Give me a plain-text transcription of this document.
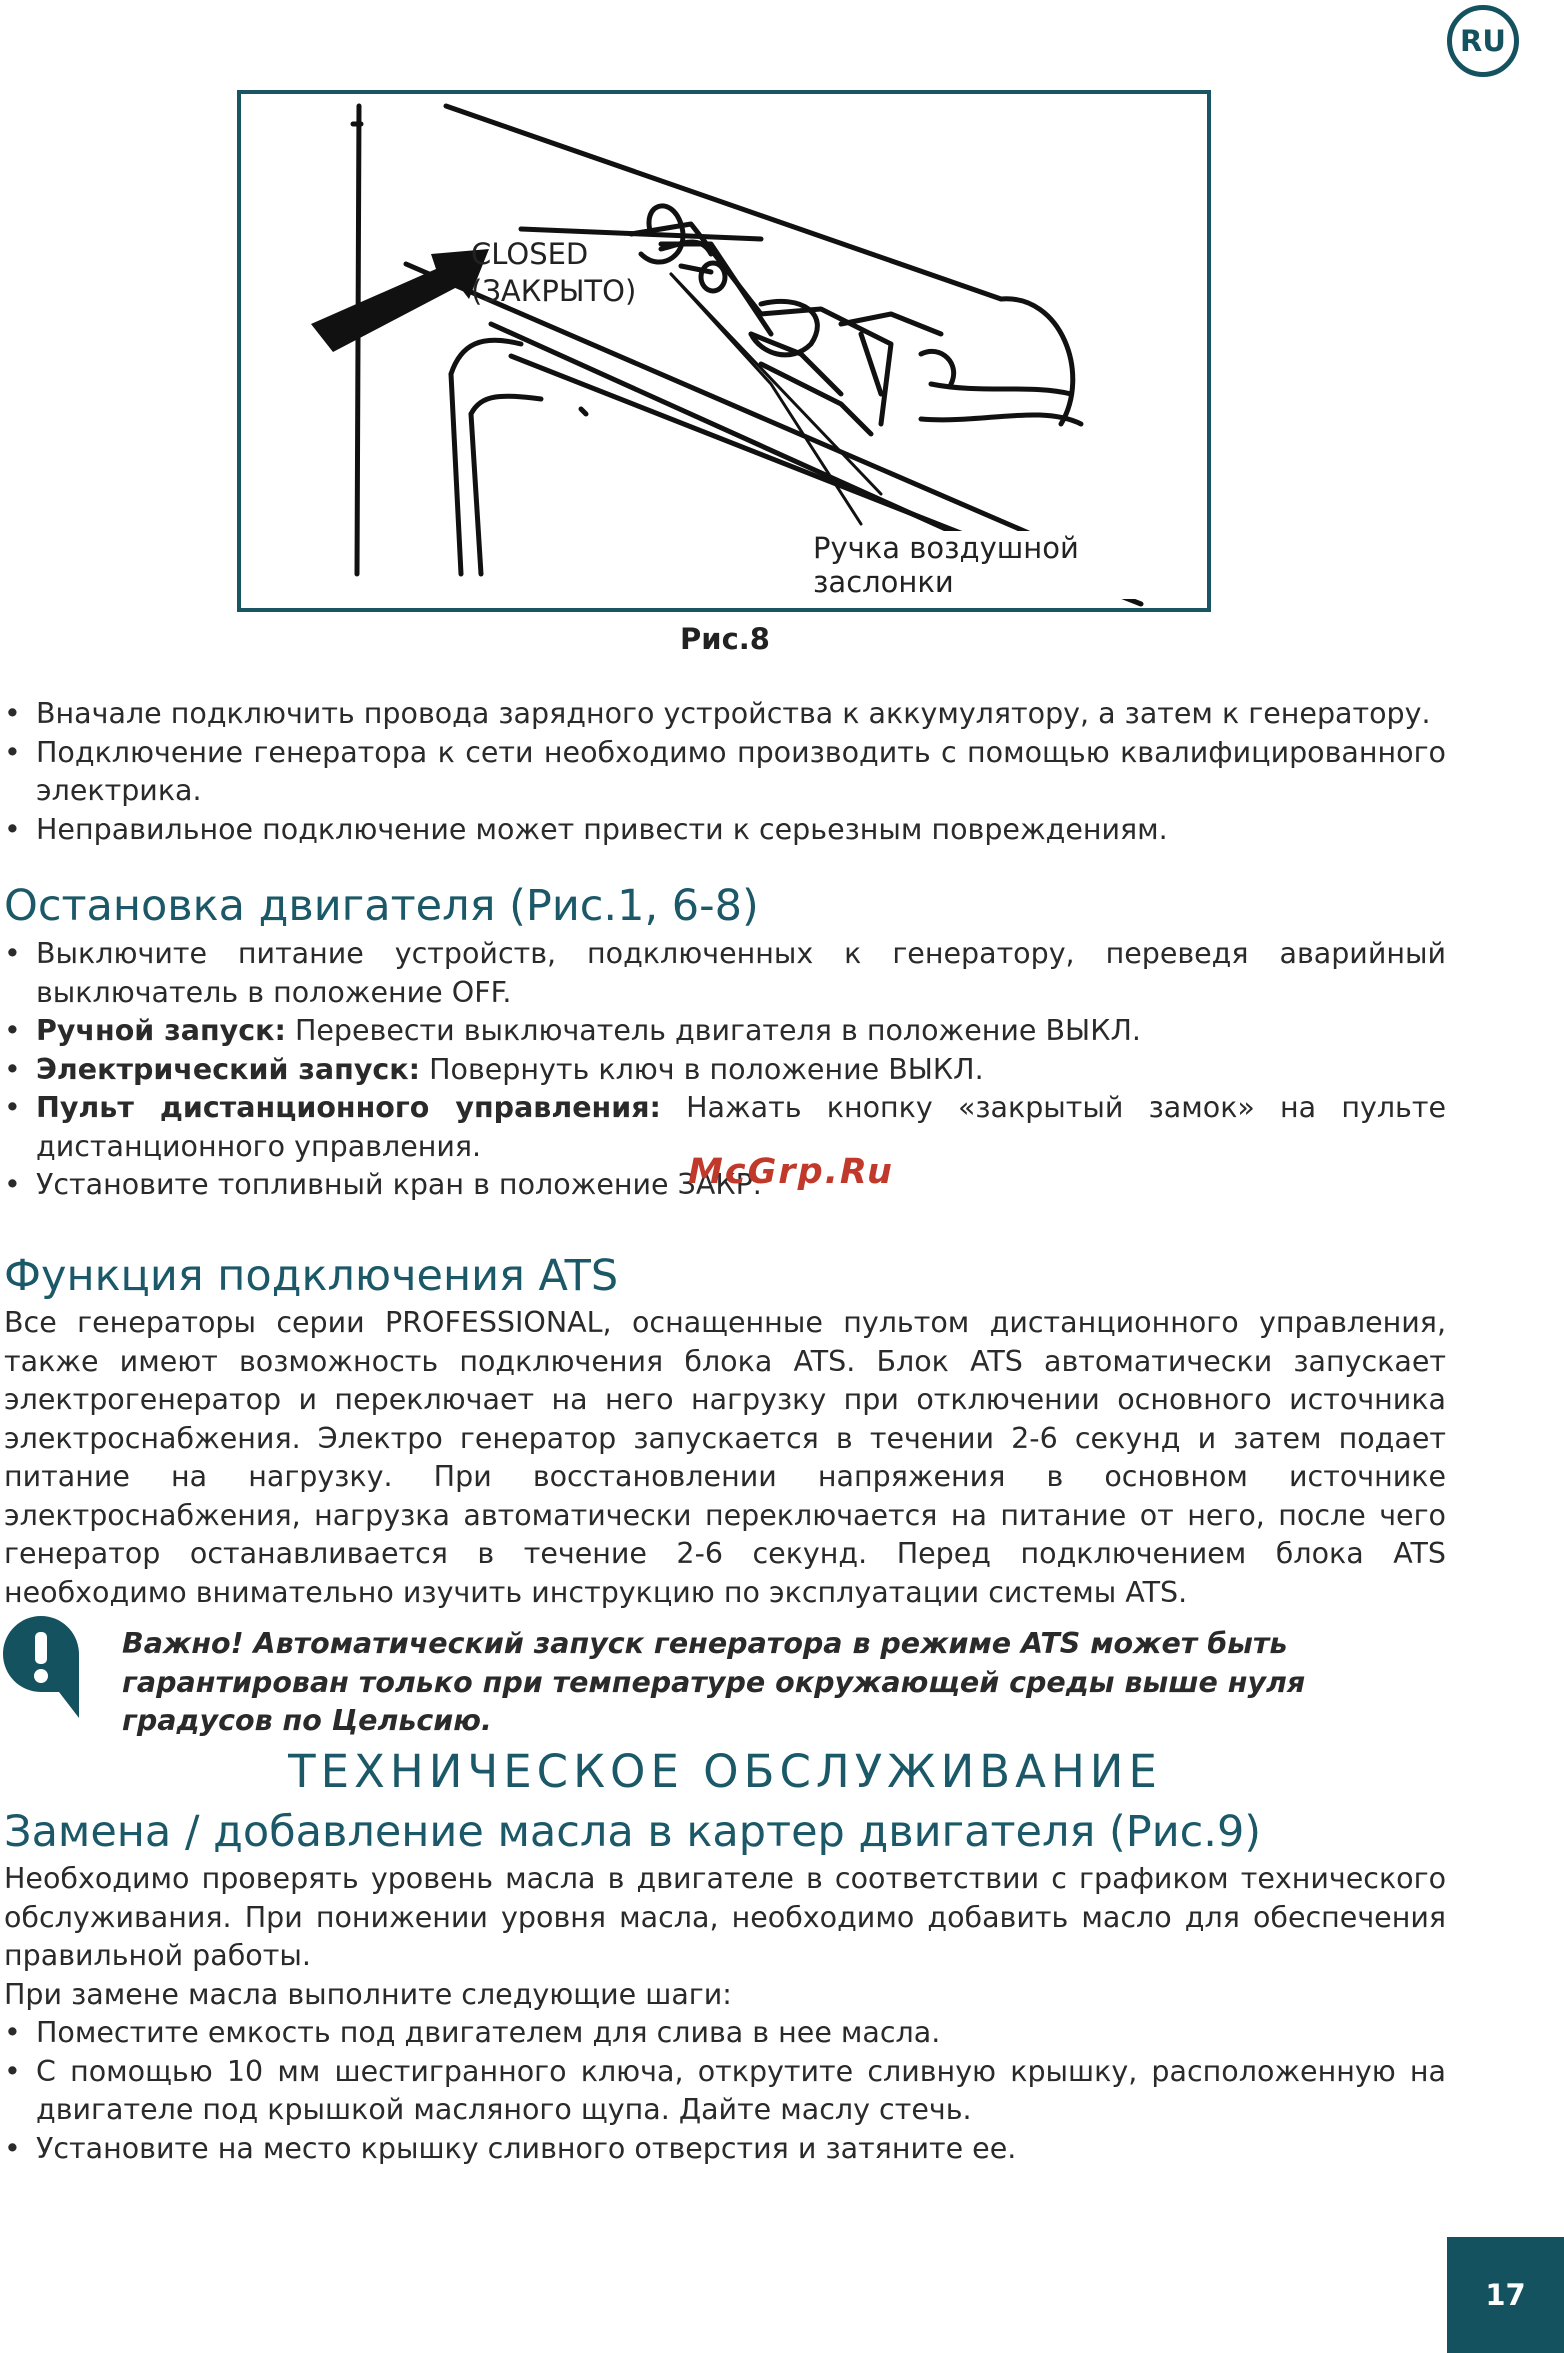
RU
CLOSED
(ЗАКРЫТО)
Ручка воздушной заслонки
Рис.8
• Вначале подключить провода зарядного устройства к аккумулятору, а затем к генератору.
• Подключение генератора к сети необходимо производить с помощью квалифицированного электрика.
• Неправильное подключение может привести к серьезным повреждениям.
Остановка двигателя (Рис.1, 6-8)
• Выключите питание устройств, подключенных к генератору, переведя аварийный выключатель в положение OFF.
• Ручной запуск: Перевести выключатель двигателя в положение ВЫКЛ.
• Электрический запуск: Повернуть ключ в положение ВЫКЛ.
• Пульт дистанционного управления: Нажать кнопку «закрытый замок» на пульте дистанционного управления.
• Установите топливный кран в положение ЗАКР.
McGrp.Ru
Функция подключения ATS

Все генераторы серии PROFESSIONAL, оснащенные пультом дистанционного управления, также имеют возможность подключения блока ATS. Блок ATS автоматически запускает электрогенератор и переключает на него нагрузку при отключении основного источника электроснабжения. Электро генератор запускается в течении 2-6 секунд и затем подает питание на нагрузку. При восстановлении напряжения в основном источнике электроснабжения, нагрузка автоматически переключается на питание от него, после чего генератор останавливается в течение 2-6 секунд. Перед подключением блока ATS необходимо внимательно изучить инструкцию по эксплуатации системы ATS.

Важно! Автоматический запуск генератора в режиме ATS может быть гарантирован только при температуре окружающей среды выше нуля градусов по Цельсию.
ТЕХНИЧЕСКОЕ ОБСЛУЖИВАНИЕ
Замена / добавление масла в картер двигателя (Рис.9)

Необходимо проверять уровень масла в двигателе в соответствии с графиком технического обслуживания. При понижении уровня масла, необходимо добавить масло для обеспечения правильной работы.

При замене масла выполните следующие шаги:

• Поместите емкость под двигателем для слива в нее масла.
• С помощью 10 мм шестигранного ключа, открутите сливную крышку, расположенную на двигателе под крышкой масляного щупа. Дайте маслу стечь.
• Установите на место крышку сливного отверстия и затяните ее.
17
